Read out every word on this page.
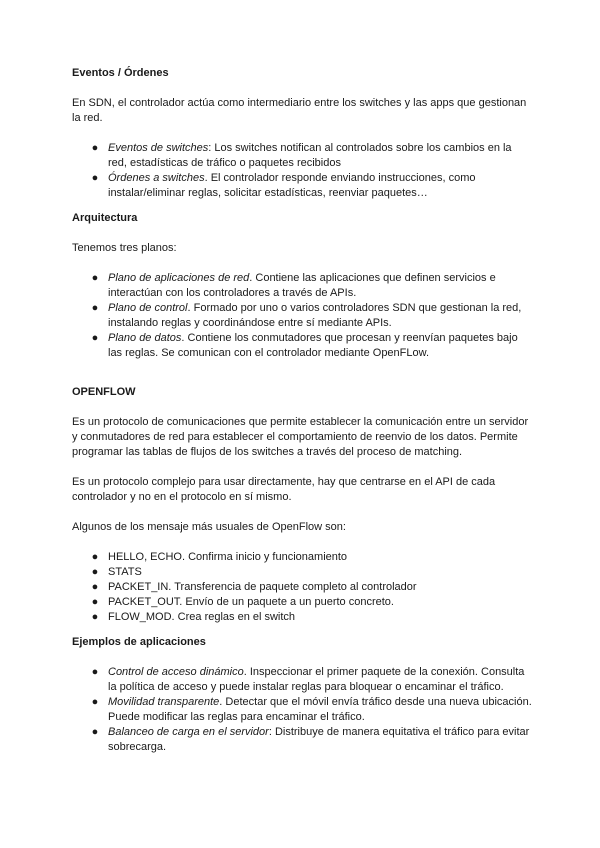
Eventos / Órdenes

En SDN, el controlador actúa como intermediario entre los switches y las apps que gestionan la red.

● Eventos de switches: Los switches notifican al controlados sobre los cambios en la red, estadísticas de tráfico o paquetes recibidos
● Órdenes a switches. El controlador responde enviando instrucciones, como instalar/eliminar reglas, solicitar estadísticas, reenviar paquetes…
Arquitectura

Tenemos tres planos:

● Plano de aplicaciones de red. Contiene las aplicaciones que definen servicios e interactúan con los controladores a través de APIs.
● Plano de control. Formado por uno o varios controladores SDN que gestionan la red, instalando reglas y coordinándose entre sí mediante APIs.
● Plano de datos. Contiene los conmutadores que procesan y reenvían paquetes bajo las reglas. Se comunican con el controlador mediante OpenFLow.
OPENFLOW

Es un protocolo de comunicaciones que permite establecer la comunicación entre un servidor y conmutadores de red para establecer el comportamiento de reenvio de los datos. Permite programar las tablas de flujos de los switches a través del proceso de matching.

Es un protocolo complejo para usar directamente, hay que centrarse en el API de cada controlador y no en el protocolo en sí mismo.

Algunos de los mensaje más usuales de OpenFlow son:

● HELLO, ECHO. Confirma inicio y funcionamiento
● STATS
● PACKET_IN. Transferencia de paquete completo al controlador
● PACKET_OUT. Envío de un paquete a un puerto concreto.
● FLOW_MOD. Crea reglas en el switch
Ejemplos de aplicaciones
● Control de acceso dinámico. Inspeccionar el primer paquete de la conexión. Consulta la política de acceso y puede instalar reglas para bloquear o encaminar el tráfico.
● Movilidad transparente. Detectar que el móvil envía tráfico desde una nueva ubicación. Puede modificar las reglas para encaminar el tráfico.
● Balanceo de carga en el servidor: Distribuye de manera equitativa el tráfico para evitar sobrecarga.
